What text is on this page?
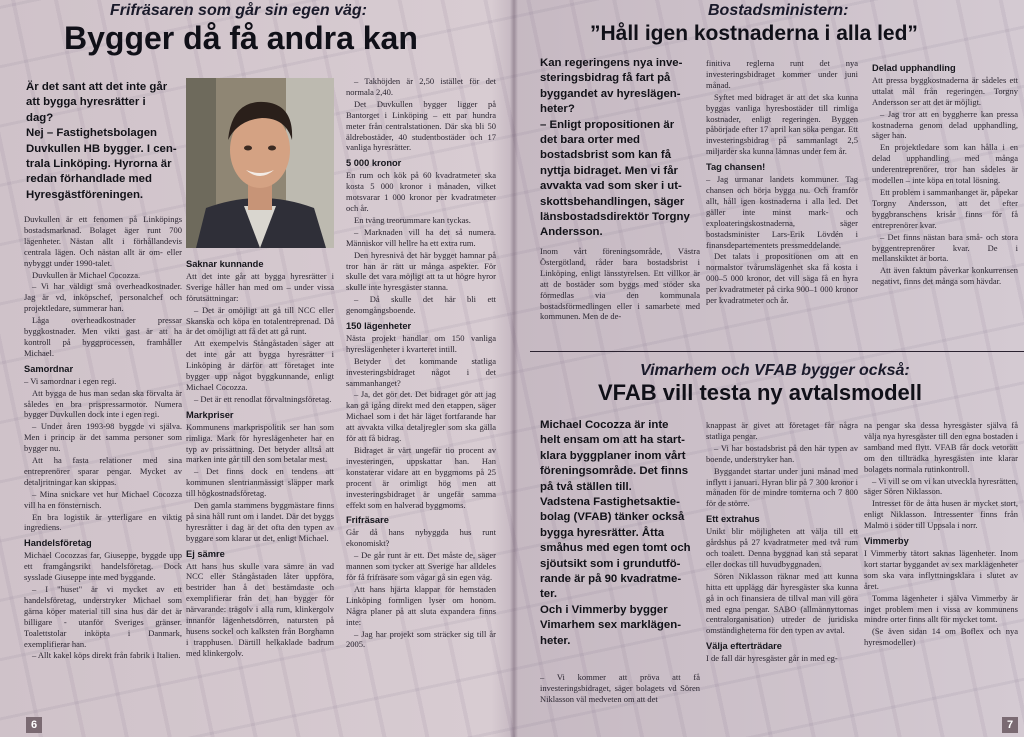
Frifräsaren som går sin egen väg:
Bygger då få andra kan
Är det sant att det inte går
att bygga hyresrätter i
dag?
Nej – Fastighetsbolagen
Duvkullen HB bygger. I cen-
trala Linköping. Hyrorna är
redan förhandlade med
Hyresgästföreningen.

Duvkullen är ett fenomen på Linköpings bostadsmarknad. Bolaget äger runt 700 lägenheter. Nästan allt i förhållandevis centrala lägen. Och nästan allt är om- eller nybyggt under 1990-talet.

Duvkullen är Michael Cocozza.

– Vi har väldigt små overheadkostnader. Jag är vd, inköpschef, personalchef och projektledare, summerar han.

Låga overheadkostnader pressar byggkostnader. Men vikti gast är att ha kontroll på byggprocessen, framhåller Michael.

Samordnar

– Vi samordnar i egen regi.

Att bygga de hus man sedan ska förvalta är således en bra prispressarmotor. Numera bygger Duvkullen dock inte i egen regi.

– Under åren 1993-98 byggde vi själva. Men i princip är det samma personer som bygger nu.

Att ha fasta relationer med sina entreprenörer sparar pengar. Mycket av detaljritningar kan skippas.

– Mina snickare vet hur Michael Cocozza vill ha en fönsternisch.

En bra logistik är ytterligare en viktig ingrediens.

Handelsföretag

Michael Cocozzas far, Giuseppe, byggde upp ett framgångsrikt handelsföretag. Dock sysslade Giuseppe inte med byggande.

– I "huset" är vi mycket av ett handelsföretag, understryker Michael som gärna köper material till sina hus där det är billigare - utanför Sveriges gränser. Toalettstolar inköpta i Danmark, exemplifierar han.

– Allt kakel köps direkt från fabrik i Italien.

Saknar kunnande

Att det inte går att bygga hyresrätter i Sverige håller han med om – under vissa förutsättningar:

– Det är omöjligt att gå till NCC eller Skanska och köpa en totalentreprenad. Då är det omöjligt att få det att gå runt.

Att exempelvis Stångåstaden säger att det inte går att bygga hyresrätter i Linköping är därför att företaget inte bygger upp något byggkunnande, enligt Michael Cocozza.

– Det är ett renodlat förvaltningsföretag.

Markpriser

Kommunens markprispolitik ser han som rimliga. Mark för hyreslägenheter har en typ av prissättning. Det betyder alltså att marken inte går till den som betalar mest.

– Det finns dock en tendens att kommunen slentrianmässigt släpper mark till högkostnadsföretag.

Den gamla stammens byggmästare finns på sina håll runt om i landet. Där det byggs hyresrätter i dag är det ofta den typen av byggare som klarar ut det, enligt Michael.

Ej sämre

Att hans hus skulle vara sämre än vad NCC eller Stångåstaden låter uppföra, bestrider han å det bestämdaste och exemplifierar från det han bygger för närvarande: trägolv i alla rum, klinkergolv innanför lägenhetsdörren, natursten på husens sockel och kalksten från Borghamn i trapphusen. Därtill helkaklade badrum med klinkergolv.

– Takhöjden är 2,50 istället för det normala 2,40.

Det Duvkullen bygger ligger på Bantorget i Linköping – ett par hundra meter från centralstationen. Där ska bli 50 äldrebostäder, 40 studentbostäder och 17 vanliga hyresrätter.

5 000 kronor

En rum och kök på 60 kvadratmeter ska kosta 5 000 kronor i månaden, vilket motsvarar 1 000 kronor per kvadratmeter och år.

En tväng treorummare kan tyckas.

– Marknaden vill ha det så numera. Människor vill hellre ha ett extra rum.

Den hyresnivå det här bygget hamnar på tror han är rätt ur många aspekter. För skulle det vara möjligt att ta ut högre hyror skulle inte hyresgäster stanna.

– Då skulle det här bli ett genomgångsboende.

150 lägenheter

Nästa projekt handlar om 150 vanliga hyreslägenheter i kvarteret intill.

Betyder det kommande statliga investeringsbidraget något i det sammanhanget?

– Ja, det gör det. Det bidraget gör att jag kan gå igång direkt med den etappen, säger Michael som i det här läget fortfarande har att avvakta vilka detaljregler som ska gälla för att få bidrag.

Bidraget är värt ungefär tio procent av investeringen, uppskattar han. Han konstaterar vidare att en byggmoms på 25 procent är orimligt hög men att investeringsbidraget är ungefär samma effekt som en halverad byggmoms.

Frifräsare

Går då hans nybyggda hus runt ekonomiskt?

– De går runt är ett. Det måste de, säger mannen som tycker att Sverige har alldeles för få frifräsare som vågar gå sin egen väg.

Att hans hjärta klappar för hemstaden Linköping formligen lyser om honom. Några planer på att sluta expandera finns inte:

– Jag har projekt som sträcker sig till år 2005.

6
Bostadsministern:
”Håll igen kostnaderna i alla led”
Kan regeringens nya inve-
steringsbidrag få fart på
byggandet av hyreslägen-
heter?
– Enligt propositionen är
det bara orter med
bostadsbrist som kan få
nyttja bidraget. Men vi får
avvakta vad som sker i ut-
skottsbehandlingen, säger
länsbostadsdirektör Torgny
Andersson.

Inom vårt föreningsområde, Västra Östergötland, råder bara bostadsbrist i Linköping, enligt länsstyrelsen. Ett villkor är att de bostäder som byggs med stöder ska förmedlas via den kommunala bostadsförmedlingen eller i samarbete med kommunen. Men de de-

finitiva reglerna runt det nya investeringsbidraget kommer under juni månad.

Syftet med bidraget är att det ska kunna byggas vanliga hyresbostäder till rimliga kostnader, enligt regeringen. Byggen påbörjade efter 17 april kan söka pengar. Ett investeringsbidrag på sammanlagt 2,5 miljarder ska kunna lämnas under fem år.

Tag chansen!

– Jag urmanar landets kommuner. Tag chansen och börja bygga nu. Och framför allt, håll igen kostnaderna i alla led. Det gäller inte minst mark- och exploateringskostnaderna, säger bostadsminister Lars-Erik Lövdén i finansdepartementets pressmeddelande.

Det talats i propositionen om att en normalstor tvårumslägenhet ska få kosta i 000–5 000 kronor, det vill säga få en hyra per kvadratmeter på cirka 900–1 000 kronor per kvadratmeter och år.

Delad upphandling

Att pressa byggkostnaderna är sådeles ett uttalat mål från regeringen. Torgny Andersson ser att det är möjligt.

– Jag tror att en byggherre kan pressa kostnaderna genom delad upphandling, säger han.

En projektledare som kan hålla i en delad upphandling med många underentreprenörer, tror han sådeles är modellen – inte köpa en total lösning.

Ett problem i sammanhanget är, påpekar Torgny Andersson, att det efter byggbranschens krisår finns för få entreprenörer kvar.

– Det finns nästan bara små- och stora byggentreprenörer kvar. De i mellanskiktet är borta.

Att även faktum påverkar konkurrensen negativt, finns det många som hävdar.

Vimarhem och VFAB bygger också:
VFAB vill testa ny avtalsmodell
Michael Cocozza är inte
helt ensam om att ha start-
klara byggplaner inom vårt
föreningsområde. Det finns
på två ställen till.
Vadstena Fastighetsaktie-
bolag (VFAB) tänker också
bygga hyresrätter. Åtta
småhus med egen tomt och
sjöutsikt som i grundutfö-
rande är på 90 kvadratme-
ter.
Och i Vimmerby bygger
Vimarhem sex marklägen-
heter.

– Vi kommer att pröva att få investeringsbidraget, säger bolagets vd Sören Niklasson väl medveten om att det

knappast är givet att företaget får några statliga pengar.

– Vi har bostadsbrist på den här typen av boende, understryker han.

Byggandet startar under juni månad med inflytt i januari. Hyran blir på 7 300 kronor i månaden för de mindre tomterna och 7 800 för de större.

Ett extrahus

Unikt blir möjligheten att välja till ett gårdshus på 27 kvadratmeter med två rum och toalett. Denna byggnad kan stå separat eller dockas till huvudbyggnaden.

Sören Niklasson räknar med att kunna hitta ett upplägg där hyresgäster ska kunna gå in och finansiera de tillval man vill göra med egna pengar. SABO (allmännyttornas centralorganisation) utreder de juridiska omständigheterna för den typen av avtal.

Välja efterträdare

I de fall där hyresgäster går in med eg-

na pengar ska dessa hyresgäster själva få välja nya hyresgäster till den egna bostaden i samband med flytt. VFAB får dock vetorätt om den tillträdka hyresgästen inte klarar bolagets normala rutinkontroll.

– Vi vill se om vi kan utveckla hyresrätten, säger Sören Niklasson.

Intresset för de åtta husen är mycket stort, enligt Niklasson. Intressenter finns från Malmö i söder till Uppsala i norr.

Vimmerby

I Vimmerby tätort saknas lägenheter. Inom kort startar byggandet av sex marklägenheter som ska vara inflyttningsklara i slutet av året.

Tomma lägenheter i själva Vimmerby är inget problem men i vissa av kommunens mindre orter finns allt för mycket tomt.

(Se även sidan 14 om Boflex och nya hyresmodeller)

7
